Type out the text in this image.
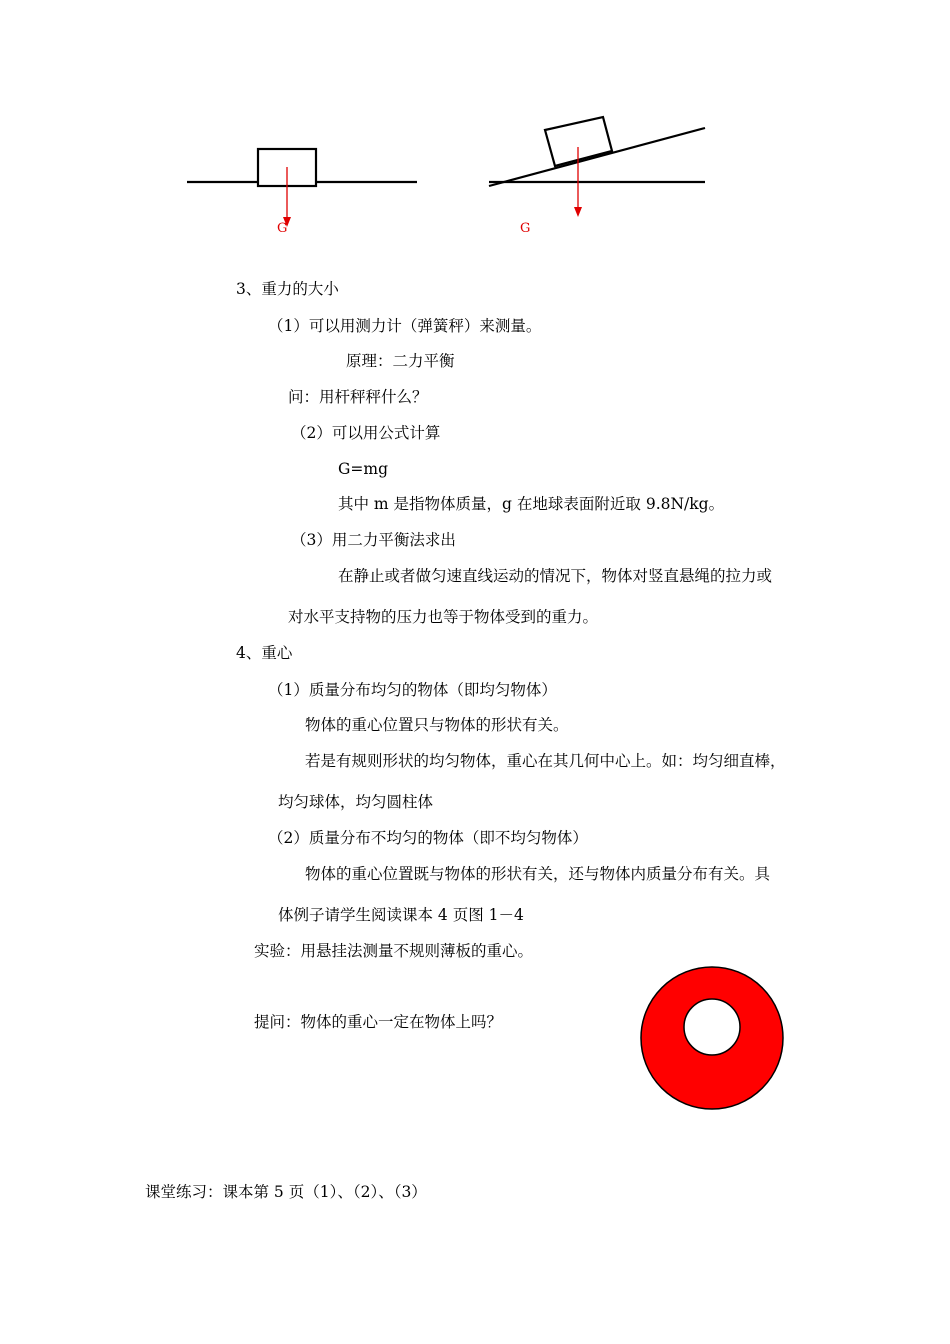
G	G

3、重力的大小

（1）可以用测力计（弹簧秤）来测量。

原理：二力平衡

问：用杆秤秤什么？

（2）可以用公式计算

G=mg

其中 m 是指物体质量，g 在地球表面附近取 9.8N/kg。

（3）用二力平衡法求出

在静止或者做匀速直线运动的情况下，物体对竖直悬绳的拉力或

对水平支持物的压力也等于物体受到的重力。

4、重心

（1）质量分布均匀的物体（即均匀物体）

物体的重心位置只与物体的形状有关。

若是有规则形状的均匀物体，重心在其几何中心上。如：均匀细直棒，

均匀球体，均匀圆柱体

（2）质量分布不均匀的物体（即不均匀物体）

物体的重心位置既与物体的形状有关，还与物体内质量分布有关。具

体例子请学生阅读课本 4 页图 1－4

实验：用悬挂法测量不规则薄板的重心。

提问：物体的重心一定在物体上吗？

课堂练习：课本第 5 页（1）、（2）、（3）
